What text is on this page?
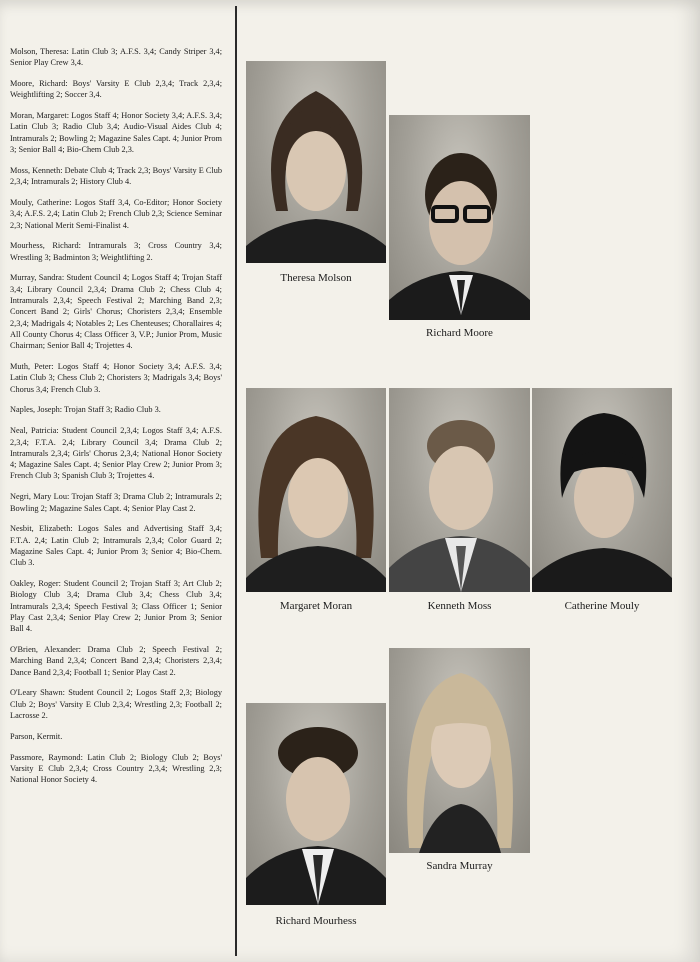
Molson, Theresa: Latin Club 3; A.F.S. 3,4; Candy Striper 3,4; Senior Play Crew 3,4.

Moore, Richard: Boys' Varsity E Club 2,3,4; Track 2,3,4; Weightlifting 2; Soccer 3,4.

Moran, Margaret: Logos Staff 4; Honor Society 3,4; A.F.S. 3,4; Latin Club 3; Radio Club 3,4; Audio-Visual Aides Club 4; Intramurals 2; Bowling 2; Magazine Sales Capt. 4; Junior Prom 3; Senior Ball 4; Bio-Chem Club 2,3.

Moss, Kenneth: Debate Club 4; Track 2,3; Boys' Varsity E Club 2,3,4; Intramurals 2; History Club 4.

Mouly, Catherine: Logos Staff 3,4, Co-Editor; Honor Society 3,4; A.F.S. 2,4; Latin Club 2; French Club 2,3; Science Seminar 2,3; National Merit Semi-Finalist 4.

Mourhess, Richard: Intramurals 3; Cross Country 3,4; Wrestling 3; Badminton 3; Weightlifting 2.

Murray, Sandra: Student Council 4; Logos Staff 4; Trojan Staff 3,4; Library Council 2,3,4; Drama Club 2; Chess Club 4; Intramurals 2,3,4; Speech Festival 2; Marching Band 2,3; Concert Band 2; Girls' Chorus; Choristers 2,3,4; Ensemble 2,3,4; Madrigals 4; Notables 2; Les Chenteuses; Chorallaires 4; All County Chorus 4; Class Officer 3, V.P.; Junior Prom, Music Chairman; Senior Ball 4; Trojettes 4.

Muth, Peter: Logos Staff 4; Honor Society 3,4; A.F.S. 3,4; Latin Club 3; Chess Club 2; Choristers 3; Madrigals 3,4; Boys' Chorus 3,4; French Club 3.

Naples, Joseph: Trojan Staff 3; Radio Club 3.

Neal, Patricia: Student Council 2,3,4; Logos Staff 3,4; A.F.S. 2,3,4; F.T.A. 2,4; Library Council 3,4; Drama Club 2; Intramurals 2,3,4; Girls' Chorus 2,3,4; National Honor Society 4; Magazine Sales Capt. 4; Senior Play Crew 2; Junior Prom 3; French Club 3; Spanish Club 3; Trojettes 4.

Negri, Mary Lou: Trojan Staff 3; Drama Club 2; Intramurals 2; Bowling 2; Magazine Sales Capt. 4; Senior Play Cast 2.

Nesbit, Elizabeth: Logos Sales and Advertising Staff 3,4; F.T.A. 2,4; Latin Club 2; Intramurals 2,3,4; Color Guard 2; Magazine Sales Capt. 4; Junior Prom 3; Senior 4; Bio-Chem. Club 3.

Oakley, Roger: Student Council 2; Trojan Staff 3; Art Club 2; Biology Club 3,4; Drama Club 3,4; Chess Club 3,4; Intramurals 2,3,4; Speech Festival 3; Class Officer 1; Senior Play Cast 2,3,4; Senior Play Crew 2; Junior Prom 3; Senior Ball 4.

O'Brien, Alexander: Drama Club 2; Speech Festival 2; Marching Band 2,3,4; Concert Band 2,3,4; Choristers 2,3,4; Dance Band 2,3,4; Football 1; Senior Play Cast 2.

O'Leary Shawn: Student Council 2; Logos Staff 2,3; Biology Club 2; Boys' Varsity E Club 2,3,4; Wrestling 2,3; Football 2; Lacrosse 2.

Parson, Kermit.

Passmore, Raymond: Latin Club 2; Biology Club 2; Boys' Varsity E Club 2,3,4; Cross Country 2,3,4; Wrestling 2,3; National Honor Society 4.

Theresa Molson
Richard Moore
Margaret Moran	Kenneth Moss	Catherine Mouly
Sandra Murray
Richard Mourhess
